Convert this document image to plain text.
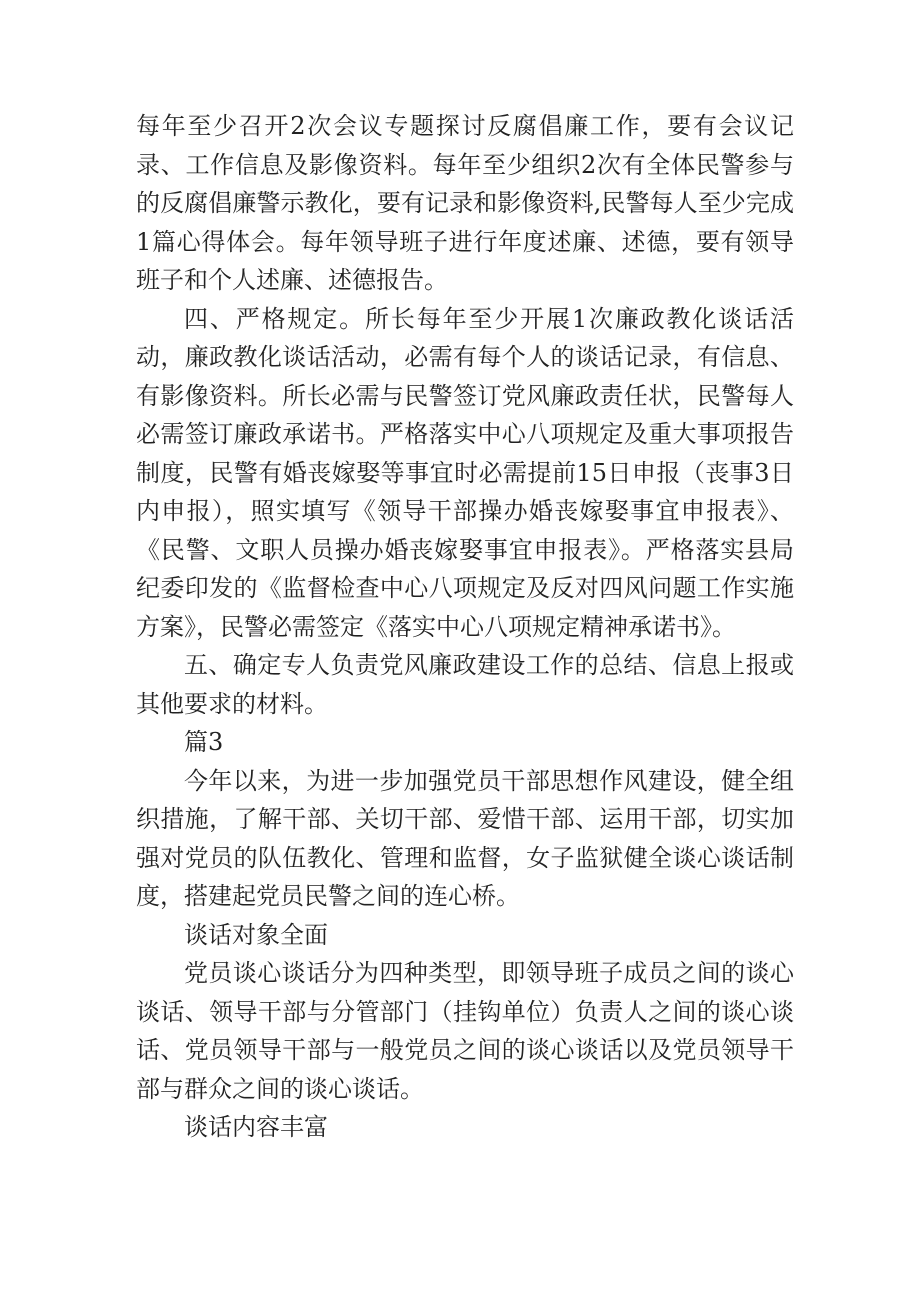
每年至少召开2次会议专题探讨反腐倡廉工作，要有会议记录、工作信息及影像资料。每年至少组织2次有全体民警参与的反腐倡廉警示教化，要有记录和影像资料,民警每人至少完成1篇心得体会。每年领导班子进行年度述廉、述德，要有领导班子和个人述廉、述德报告。

四、严格规定。所长每年至少开展1次廉政教化谈话活动，廉政教化谈话活动，必需有每个人的谈话记录，有信息、有影像资料。所长必需与民警签订党风廉政责任状，民警每人必需签订廉政承诺书。严格落实中心八项规定及重大事项报告制度，民警有婚丧嫁娶等事宜时必需提前15日申报（丧事3日内申报），照实填写《领导干部操办婚丧嫁娶事宜申报表》、《民警、文职人员操办婚丧嫁娶事宜申报表》。严格落实县局纪委印发的《监督检查中心八项规定及反对四风问题工作实施方案》，民警必需签定《落实中心八项规定精神承诺书》。

五、确定专人负责党风廉政建设工作的总结、信息上报或其他要求的材料。

篇3

今年以来，为进一步加强党员干部思想作风建设，健全组织措施，了解干部、关切干部、爱惜干部、运用干部，切实加强对党员的队伍教化、管理和监督，女子监狱健全谈心谈话制度，搭建起党员民警之间的连心桥。

谈话对象全面

党员谈心谈话分为四种类型，即领导班子成员之间的谈心谈话、领导干部与分管部门（挂钩单位）负责人之间的谈心谈话、党员领导干部与一般党员之间的谈心谈话以及党员领导干部与群众之间的谈心谈话。

谈话内容丰富
